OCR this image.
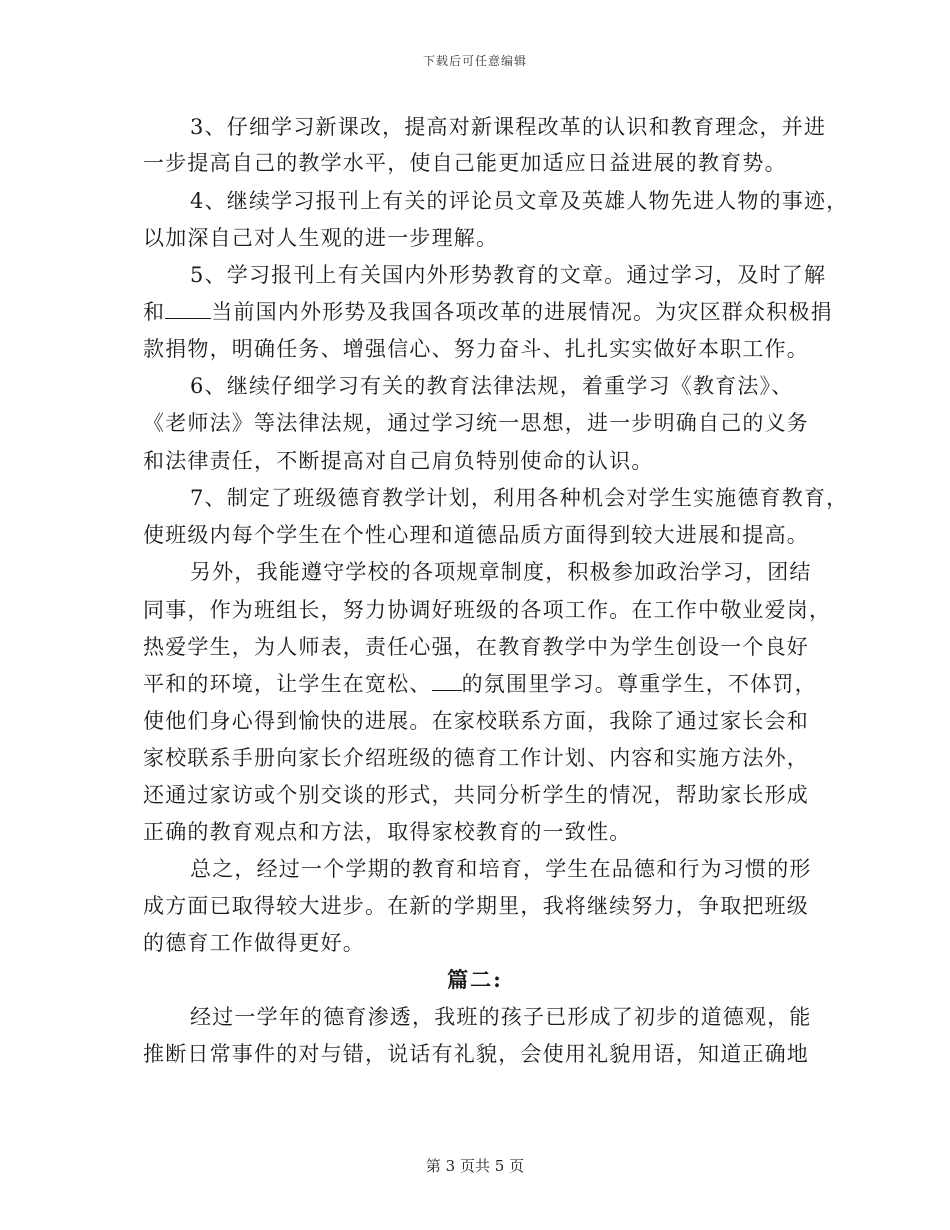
下载后可任意编辑
3、仔细学习新课改，提高对新课程改革的认识和教育理念，并进
一步提高自己的教学水平，使自己能更加适应日益进展的教育势。
4、继续学习报刊上有关的评论员文章及英雄人物先进人物的事迹，
以加深自己对人生观的进一步理解。
5、学习报刊上有关国内外形势教育的文章。通过学习，及时了解
和 当前国内外形势及我国各项改革的进展情况。为灾区群众积极捐
款捐物，明确任务、增强信心、努力奋斗、扎扎实实做好本职工作。
6、继续仔细学习有关的教育法律法规，着重学习《教育法》、
《老师法》等法律法规，通过学习统一思想，进一步明确自己的义务
和法律责任，不断提高对自己肩负特别使命的认识。
7、制定了班级德育教学计划，利用各种机会对学生实施德育教育，
使班级内每个学生在个性心理和道德品质方面得到较大进展和提高。
另外，我能遵守学校的各项规章制度，积极参加政治学习，团结
同事，作为班组长，努力协调好班级的各项工作。在工作中敬业爱岗，
热爱学生，为人师表，责任心强，在教育教学中为学生创设一个良好
平和的环境，让学生在宽松、 的氛围里学习。尊重学生，不体罚，
使他们身心得到愉快的进展。在家校联系方面，我除了通过家长会和
家校联系手册向家长介绍班级的德育工作计划、内容和实施方法外，
还通过家访或个别交谈的形式，共同分析学生的情况，帮助家长形成
正确的教育观点和方法，取得家校教育的一致性。
总之，经过一个学期的教育和培育，学生在品德和行为习惯的形
成方面已取得较大进步。在新的学期里，我将继续努力，争取把班级
的德育工作做得更好。
篇二:
经过一学年的德育渗透，我班的孩子已形成了初步的道德观，能
推断日常事件的对与错，说话有礼貌，会使用礼貌用语，知道正确地
第 3 页共 5 页
